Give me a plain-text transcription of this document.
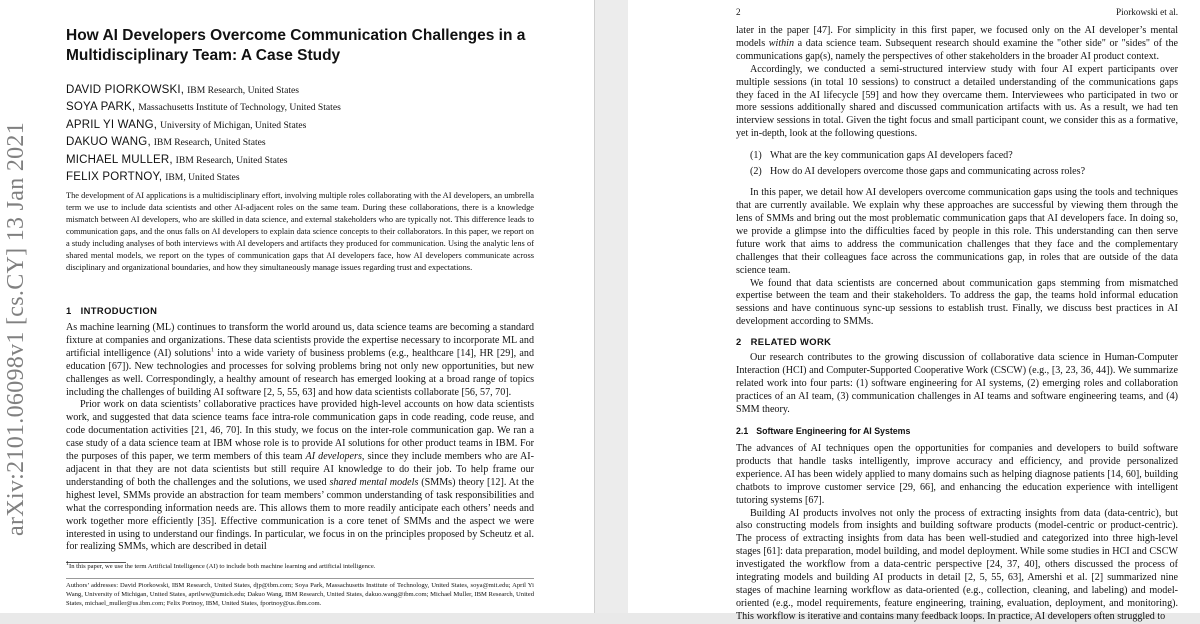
arXiv:2101.06098v1 [cs.CY] 13 Jan 2021
How AI Developers Overcome Communication Challenges in a Multidisciplinary Team: A Case Study
DAVID PIORKOWSKI, IBM Research, United States
SOYA PARK, Massachusetts Institute of Technology, United States
APRIL YI WANG, University of Michigan, United States
DAKUO WANG, IBM Research, United States
MICHAEL MULLER, IBM Research, United States
FELIX PORTNOY, IBM, United States

The development of AI applications is a multidisciplinary effort, involving multiple roles collaborating with the AI developers, an umbrella term we use to include data scientists and other AI-adjacent roles on the same team. During these collaborations, there is a knowledge mismatch between AI developers, who are skilled in data science, and external stakeholders who are typically not. This difference leads to communication gaps, and the onus falls on AI developers to explain data science concepts to their collaborators. In this paper, we report on a study including analyses of both interviews with AI developers and artifacts they produced for communication. Using the analytic lens of shared mental models, we report on the types of communication gaps that AI developers face, how AI developers communicate across disciplinary and organizational boundaries, and how they simultaneously manage issues regarding trust and expectations.

1 INTRODUCTION

As machine learning (ML) continues to transform the world around us, data science teams are becoming a standard fixture at companies and organizations. These data scientists provide the expertise necessary to incorporate ML and artificial intelligence (AI) solutions$^1$ into a wide variety of business problems (e.g., healthcare [14], HR [29], and education [67]). New technologies and processes for solving problems bring not only new opportunities, but new challenges as well. Correspondingly, a healthy amount of research has emerged looking at a broad range of topics including the challenges of building AI software [2, 5, 55, 63] and how data scientists collaborate [56, 57, 70].

Prior work on data scientists’ collaborative practices have provided high-level accounts on how data scientists work, and suggested that data science teams face intra-role communication gaps in code reading, code reuse, and code documentation activities [21, 46, 70]. In this study, we focus on the inter-role communication gap. We ran a case study of a data science team at IBM whose role is to provide AI solutions for other product teams in IBM. For the purposes of this paper, we term members of this team AI developers, since they include members who are AI-adjacent in that they are not data scientists but still require AI knowledge to do their job. To help frame our understanding of both the challenges and the solutions, we used shared mental models (SMMs) theory [12]. At the highest level, SMMs provide an abstraction for team members’ common understanding of task responsibilities and what the corresponding information needs are. This allows them to more readily anticipate each others’ needs and work together more efficiently [35]. Effective communication is a core tenet of SMMs and the aspect we were interested in using to understand our findings. In particular, we focus in on the principles proposed by Scheutz et al. for realizing SMMs, which are described in detail

$^1$In this paper, we use the term Artificial Intelligence (AI) to include both machine learning and artificial intelligence.

Authors’ addresses: David Piorkowski, IBM Research, United States, djp@ibm.com; Soya Park, Massachusetts Institute of Technology, United States, soya@mit.edu; April Yi Wang, University of Michigan, United States, aprilww@umich.edu; Dakuo Wang, IBM Research, United States, dakuo.wang@ibm.com; Michael Muller, IBM Research, United States, michael_muller@us.ibm.com; Felix Portnoy, IBM, United States, fportnoy@us.ibm.com.

2	Piorkowski et al.

later in the paper [47]. For simplicity in this first paper, we focused only on the AI developer’s mental models within a data science team. Subsequent research should examine the "other side" or "sides" of the communications gap(s), namely the perspectives of other stakeholders in the broader AI product context.

Accordingly, we conducted a semi-structured interview study with four AI expert participants over multiple sessions (in total 10 sessions) to construct a detailed understanding of the communications gaps they faced in the AI lifecycle [59] and how they overcame them. Interviewees who participated in two or more sessions additionally shared and discussed communication artifacts with us. As a result, we had ten interview sessions in total. Given the tight focus and small participant count, we consider this as a formative, yet in-depth, look at the following questions.

(1) What are the key communication gaps AI developers faced?
(2) How do AI developers overcome those gaps and communicating across roles?

In this paper, we detail how AI developers overcome communication gaps using the tools and techniques that are currently available. We explain why these approaches are successful by viewing them through the lens of SMMs and bring out the most problematic communication gaps that AI developers face. In doing so, we provide a glimpse into the difficulties faced by people in this role. This understanding can then serve future work that aims to address the communication challenges that they face and the complementary challenges that their colleagues face across the communications gap, in roles that are outside of the data science team.

We found that data scientists are concerned about communication gaps stemming from mismatched expertise between the team and their stakeholders. To address the gap, the teams hold informal education sessions and have continuous sync-up sessions to establish trust. Finally, we discuss best practices in AI development according to SMMs.

2 RELATED WORK

Our research contributes to the growing discussion of collaborative data science in Human-Computer Interaction (HCI) and Computer-Supported Cooperative Work (CSCW) (e.g., [3, 23, 36, 44]). We summarize related work into four parts: (1) software engineering for AI systems, (2) emerging roles and collaboration practices of an AI team, (3) communication challenges in AI teams and software engineering teams, and (4) SMM theory.

2.1 Software Engineering for AI Systems

The advances of AI techniques open the opportunities for companies and developers to build software products that handle tasks intelligently, improve accuracy and efficiency, and provide personalized experience. AI has been widely applied to many domains such as helping diagnose patients [14, 60], building chatbots to improve customer service [29, 66], and enhancing the education experience with intelligent tutoring systems [67].

Building AI products involves not only the process of extracting insights from data (data-centric), but also constructing models from insights and building software products (model-centric or product-centric). The process of extracting insights from data has been well-studied and categorized into three high-level stages [61]: data preparation, model building, and model deployment. While some studies in HCI and CSCW investigated the workflow from a data-centric perspective [24, 37, 40], others discussed the process of integrating models and building AI products in detail [2, 5, 55, 63], Amershi et al. [2] summarized nine stages of machine learning workflow as data-oriented (e.g., collection, cleaning, and labeling) and model-oriented (e.g., model requirements, feature engineering, training, evaluation, deployment, and monitoring). This workflow is iterative and contains many feedback loops. In practice, AI developers often struggled to
